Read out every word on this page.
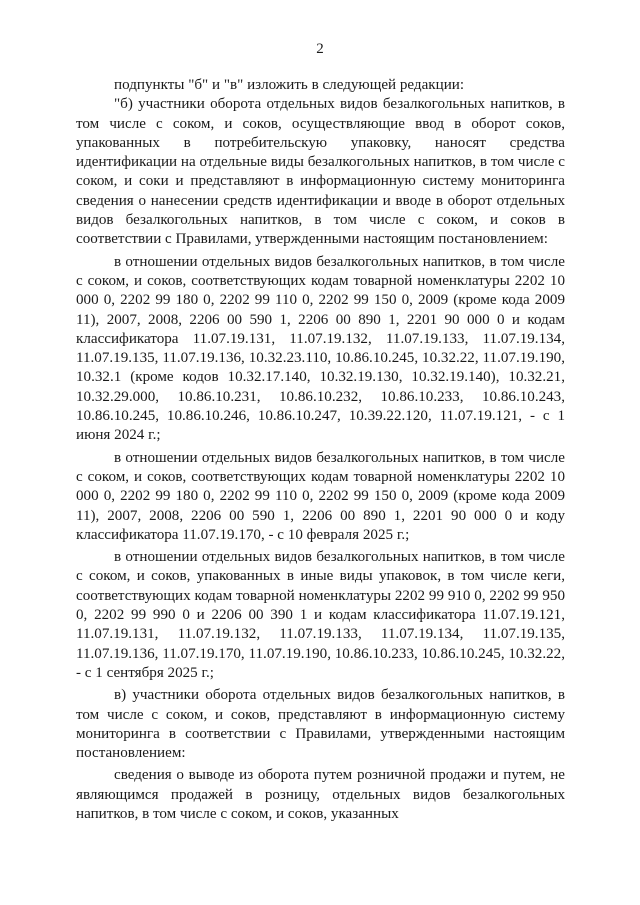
2

подпункты "б" и "в" изложить в следующей редакции:

"б) участники оборота отдельных видов безалкогольных напитков, в том числе с соком, и соков, осуществляющие ввод в оборот соков, упакованных в потребительскую упаковку, наносят средства идентификации на отдельные виды безалкогольных напитков, в том числе с соком, и соки и представляют в информационную систему мониторинга сведения о нанесении средств идентификации и вводе в оборот отдельных видов безалкогольных напитков, в том числе с соком, и соков в соответствии с Правилами, утвержденными настоящим постановлением:

в отношении отдельных видов безалкогольных напитков, в том числе с соком, и соков, соответствующих кодам товарной номенклатуры 2202 10 000 0, 2202 99 180 0, 2202 99 110 0, 2202 99 150 0, 2009 (кроме кода 2009 11), 2007, 2008, 2206 00 590 1, 2206 00 890 1, 2201 90 000 0 и кодам классификатора 11.07.19.131, 11.07.19.132, 11.07.19.133, 11.07.19.134, 11.07.19.135, 11.07.19.136, 10.32.23.110, 10.86.10.245, 10.32.22, 11.07.19.190, 10.32.1 (кроме кодов 10.32.17.140, 10.32.19.130, 10.32.19.140), 10.32.21, 10.32.29.000, 10.86.10.231, 10.86.10.232, 10.86.10.233, 10.86.10.243, 10.86.10.245, 10.86.10.246, 10.86.10.247, 10.39.22.120, 11.07.19.121, - с 1 июня 2024 г.;

в отношении отдельных видов безалкогольных напитков, в том числе с соком, и соков, соответствующих кодам товарной номенклатуры 2202 10 000 0, 2202 99 180 0, 2202 99 110 0, 2202 99 150 0, 2009 (кроме кода 2009 11), 2007, 2008, 2206 00 590 1, 2206 00 890 1, 2201 90 000 0 и коду классификатора 11.07.19.170, - с 10 февраля 2025 г.;

в отношении отдельных видов безалкогольных напитков, в том числе с соком, и соков, упакованных в иные виды упаковок, в том числе кеги, соответствующих кодам товарной номенклатуры 2202 99 910 0, 2202 99 950 0, 2202 99 990 0 и 2206 00 390 1 и кодам классификатора 11.07.19.121, 11.07.19.131, 11.07.19.132, 11.07.19.133, 11.07.19.134, 11.07.19.135, 11.07.19.136, 11.07.19.170, 11.07.19.190, 10.86.10.233, 10.86.10.245, 10.32.22, - с 1 сентября 2025 г.;

в) участники оборота отдельных видов безалкогольных напитков, в том числе с соком, и соков, представляют в информационную систему мониторинга в соответствии с Правилами, утвержденными настоящим постановлением:

сведения о выводе из оборота путем розничной продажи и путем, не являющимся продажей в розницу, отдельных видов безалкогольных напитков, в том числе с соком, и соков, указанных
